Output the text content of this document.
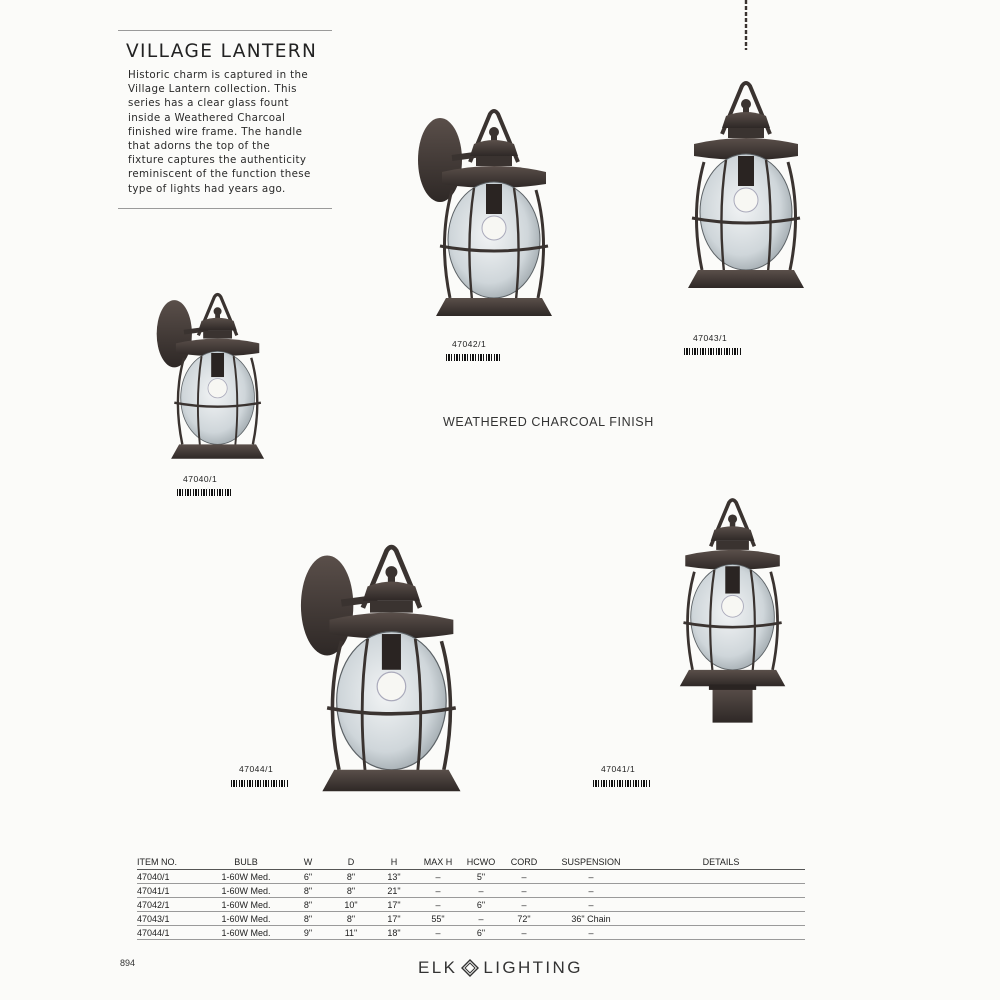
VILLAGE LANTERN

Historic charm is captured in the
Village Lantern collection. This
series has a clear glass fount
inside a Weathered Charcoal
finished wire frame. The handle
that adorns the top of the
fixture captures the authenticity
reminiscent of the function these
type of lights had years ago.

47042/1
47043/1
47040/1
WEATHERED CHARCOAL FINISH
47044/1	47041/1
ITEM NO.	BULB	W	D	H	MAX H	HCWO	CORD	SUSPENSION	DETAILS
47040/1	1-60W Med.	6"	8"	13"	–	5"	–	–	
47041/1	1-60W Med.	8"	8"	21"	–	–	–	–	
47042/1	1-60W Med.	8"	10"	17"	–	6"	–	–	
47043/1	1-60W Med.	8"	8"	17"	55"	–	72"	36" Chain	
47044/1	1-60W Med.	9"	11"	18"	–	6"	–	–	
894	ELK LIGHTING
